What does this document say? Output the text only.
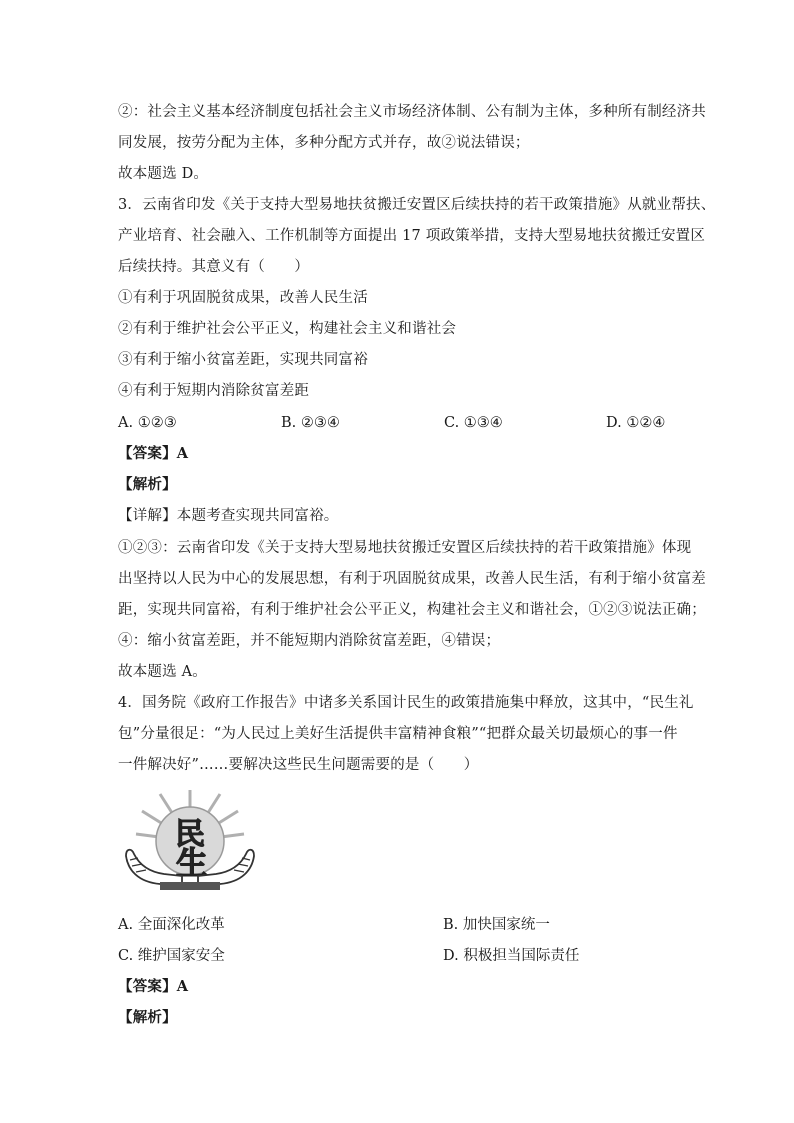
②：社会主义基本经济制度包括社会主义市场经济体制、公有制为主体，多种所有制经济共
同发展，按劳分配为主体，多种分配方式并存，故②说法错误；
故本题选 D。
3．云南省印发《关于支持大型易地扶贫搬迁安置区后续扶持的若干政策措施》从就业帮扶、
产业培育、社会融入、工作机制等方面提出 17 项政策举措，支持大型易地扶贫搬迁安置区
后续扶持。其意义有（　　）
①有利于巩固脱贫成果，改善人民生活
②有利于维护社会公平正义，构建社会主义和谐社会
③有利于缩小贫富差距，实现共同富裕
④有利于短期内消除贫富差距
A. ①②③	B. ②③④	C. ①③④	D. ①②④
【答案】A
【解析】
【详解】本题考查实现共同富裕。
①②③：云南省印发《关于支持大型易地扶贫搬迁安置区后续扶持的若干政策措施》体现
出坚持以人民为中心的发展思想，有利于巩固脱贫成果，改善人民生活，有利于缩小贫富差
距，实现共同富裕，有利于维护社会公平正义，构建社会主义和谐社会，①②③说法正确；
④：缩小贫富差距，并不能短期内消除贫富差距，④错误；
故本题选 A。
4．国务院《政府工作报告》中诸多关系国计民生的政策措施集中释放，这其中，“民生礼
包”分量很足：“为人民过上美好生活提供丰富精神食粮”“把群众最关切最烦心的事一件
一件解决好”……要解决这些民生问题需要的是（　　）
民
生
A. 全面深化改革	B. 加快国家统一
C. 维护国家安全	D. 积极担当国际责任
【答案】A
【解析】
